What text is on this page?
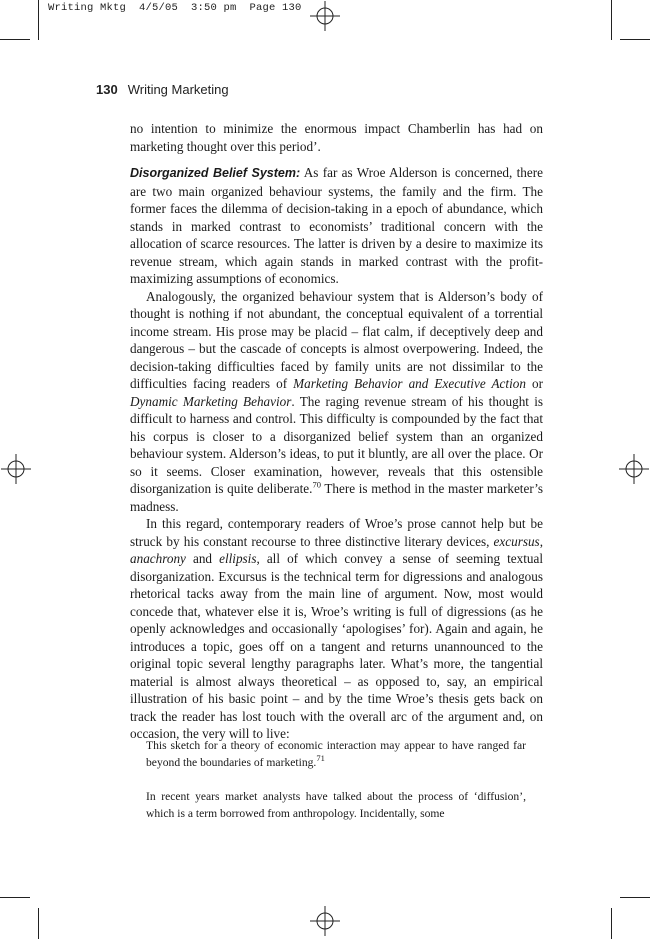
Writing Mktg  4/5/05  3:50 pm  Page 130
130 Writing Marketing

no intention to minimize the enormous impact Chamberlin has had on marketing thought over this period’.

Disorganized Belief System: As far as Wroe Alderson is concerned, there are two main organized behaviour systems, the family and the firm. The former faces the dilemma of decision-taking in a epoch of abundance, which stands in marked contrast to economists’ traditional concern with the allocation of scarce resources. The latter is driven by a desire to maximize its revenue stream, which again stands in marked contrast with the profit-maximizing assumptions of economics.

Analogously, the organized behaviour system that is Alderson’s body of thought is nothing if not abundant, the conceptual equivalent of a torrential income stream. His prose may be placid – flat calm, if deceptively deep and dangerous – but the cascade of concepts is almost overpowering. Indeed, the decision-taking difficulties faced by family units are not dissimilar to the difficulties facing readers of Marketing Behavior and Executive Action or Dynamic Marketing Behavior. The raging revenue stream of his thought is difficult to harness and control. This difficulty is compounded by the fact that his corpus is closer to a disorganized belief system than an organized behaviour system. Alderson’s ideas, to put it bluntly, are all over the place. Or so it seems. Closer examination, however, reveals that this ostensible disorganization is quite deliberate.$^{70}$ There is method in the master marketer’s madness.

In this regard, contemporary readers of Wroe’s prose cannot help but be struck by his constant recourse to three distinctive literary devices, excursus, anachrony and ellipsis, all of which convey a sense of seeming textual disorganization. Excursus is the technical term for digressions and analogous rhetorical tacks away from the main line of argument. Now, most would concede that, whatever else it is, Wroe’s writing is full of digressions (as he openly acknowledges and occasionally ‘apologises’ for). Again and again, he introduces a topic, goes off on a tangent and returns unannounced to the original topic several lengthy paragraphs later. What’s more, the tangential material is almost always theoretical – as opposed to, say, an empirical illustration of his basic point – and by the time Wroe’s thesis gets back on track the reader has lost touch with the overall arc of the argument and, on occasion, the very will to live:

This sketch for a theory of economic interaction may appear to have ranged far beyond the boundaries of marketing.$^{71}$

In recent years market analysts have talked about the process of ‘diffusion’, which is a term borrowed from anthropology. Incidentally, some
